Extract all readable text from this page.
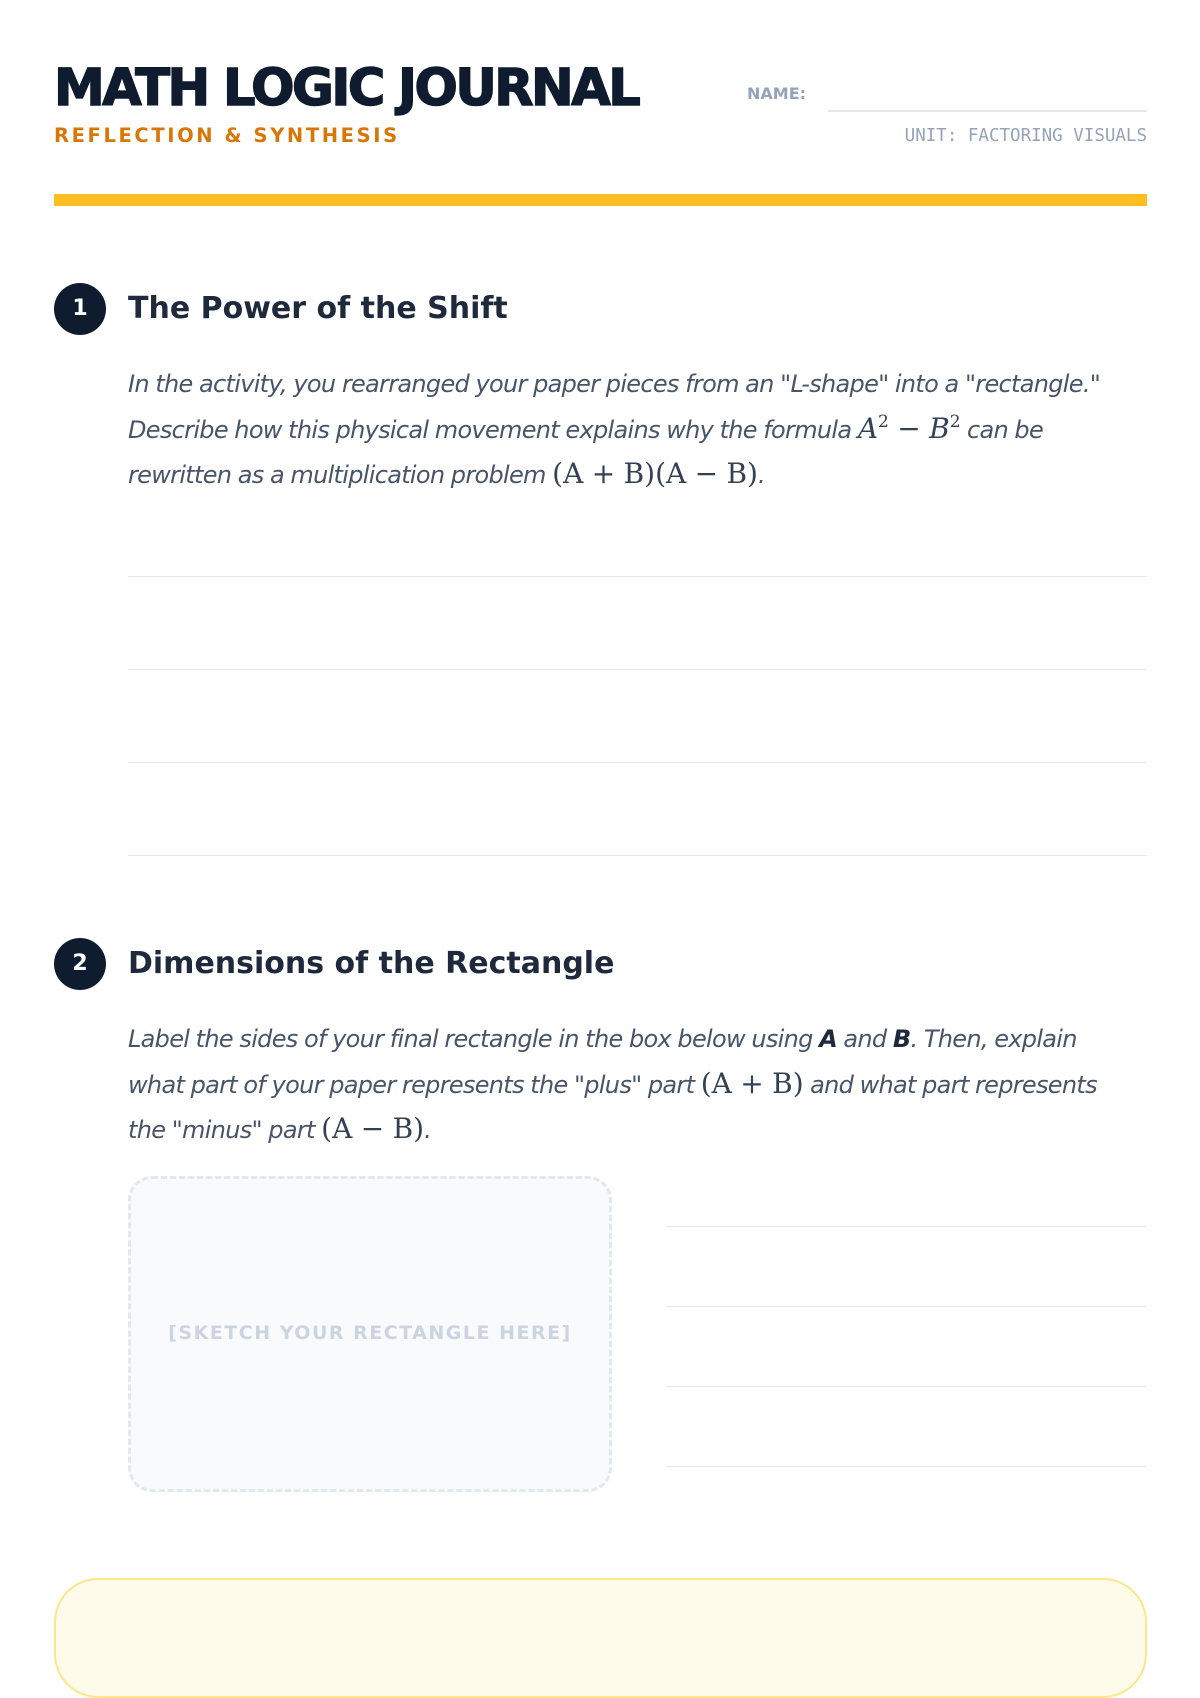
MATH LOGIC JOURNAL
REFLECTION & SYNTHESIS
NAME:
UNIT: FACTORING VISUALS
1	The Power of the Shift

In the activity, you rearranged your paper pieces from an "L-shape" into a "rectangle." Describe how this physical movement explains why the formula $A^2 - B^2$ can be rewritten as a multiplication problem (A + B)(A − B).

2	Dimensions of the Rectangle

Label the sides of your final rectangle in the box below using A and B. Then, explain what part of your paper represents the "plus" part (A + B) and what part represents the "minus" part (A − B).

[SKETCH YOUR RECTANGLE HERE]
